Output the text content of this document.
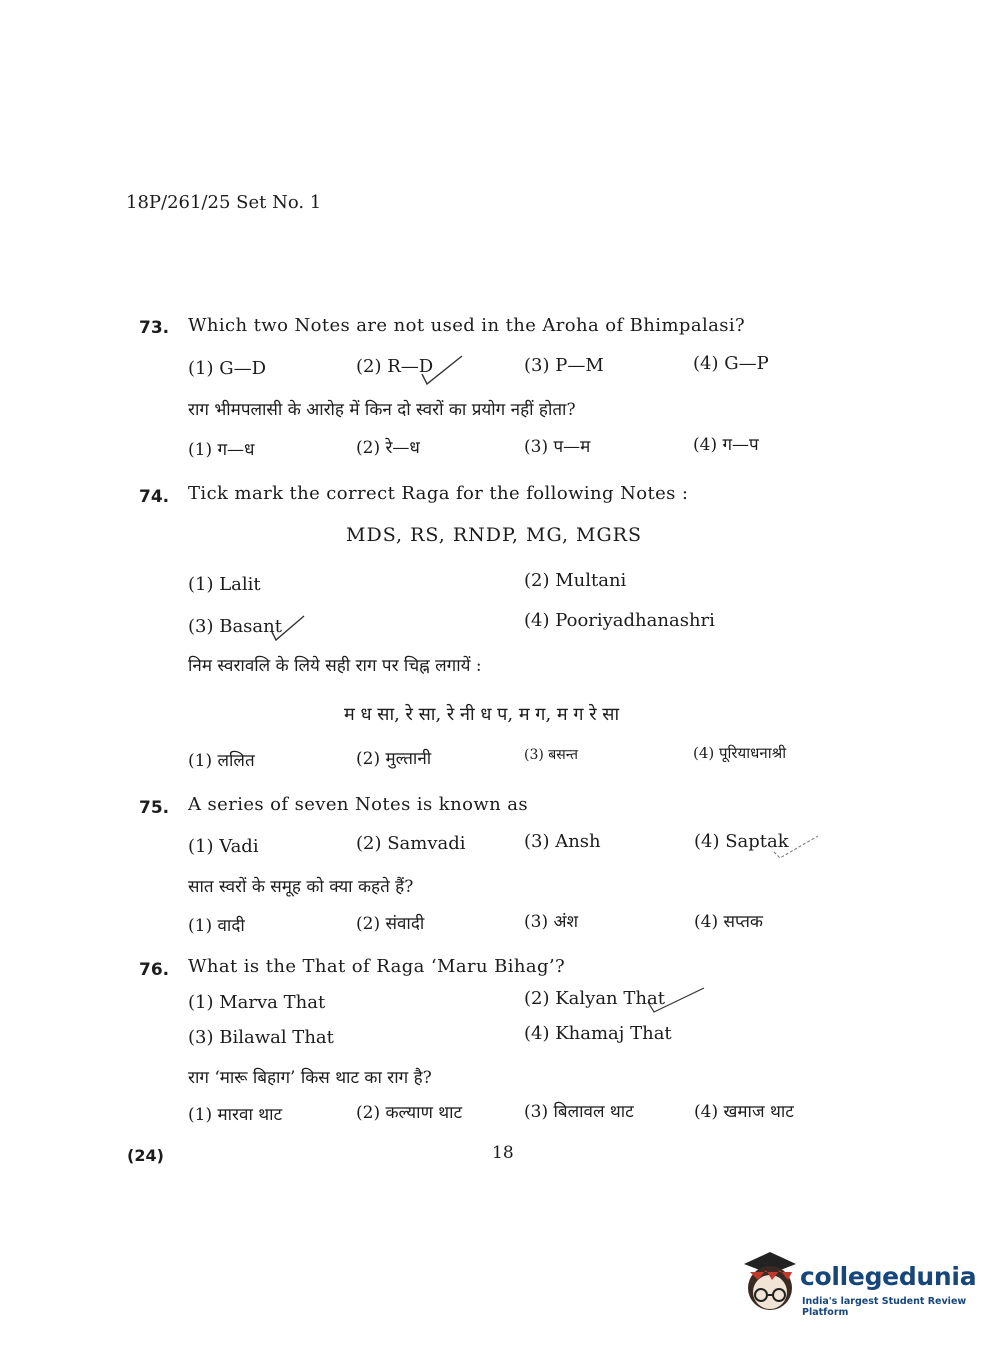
18P/261/25 Set No. 1
73. Which two Notes are not used in the Aroha of Bhimpalasi?
(1) G—D	(2) R—D	(3) P—M	(4) G—P
राग भीमपलासी के आरोह में किन दो स्वरों का प्रयोग नहीं होता?
(1) ग—ध	(2) रे—ध	(3) प—म	(4) ग—प
74. Tick mark the correct Raga for the following Notes :
MDS, RS, RNDP, MG, MGRS
(1) Lalit	(2) Multani
(3) Basant	(4) Pooriyadhanashri
निम स्वरावलि के लिये सही राग पर चिह्न लगायें :
म ध सा, रे सा, रे नी ध प, म ग, म ग रे सा
(1) ललित	(2) मुल्तानी	(3) बसन्त	(4) पूरियाधनाश्री
75. A series of seven Notes is known as
(1) Vadi	(2) Samvadi	(3) Ansh	(4) Saptak
सात स्वरों के समूह को क्या कहते हैं?
(1) वादी	(2) संवादी	(3) अंश	(4) सप्तक
76. What is the That of Raga ‘Maru Bihag’?
(1) Marva That	(2) Kalyan That
(3) Bilawal That	(4) Khamaj That
राग ‘मारू बिहाग’ किस थाट का राग है?
(1) मारवा थाट	(2) कल्याण थाट	(3) बिलावल थाट	(4) खमाज थाट
(24)	18
collegedunia
India's largest Student Review Platform
